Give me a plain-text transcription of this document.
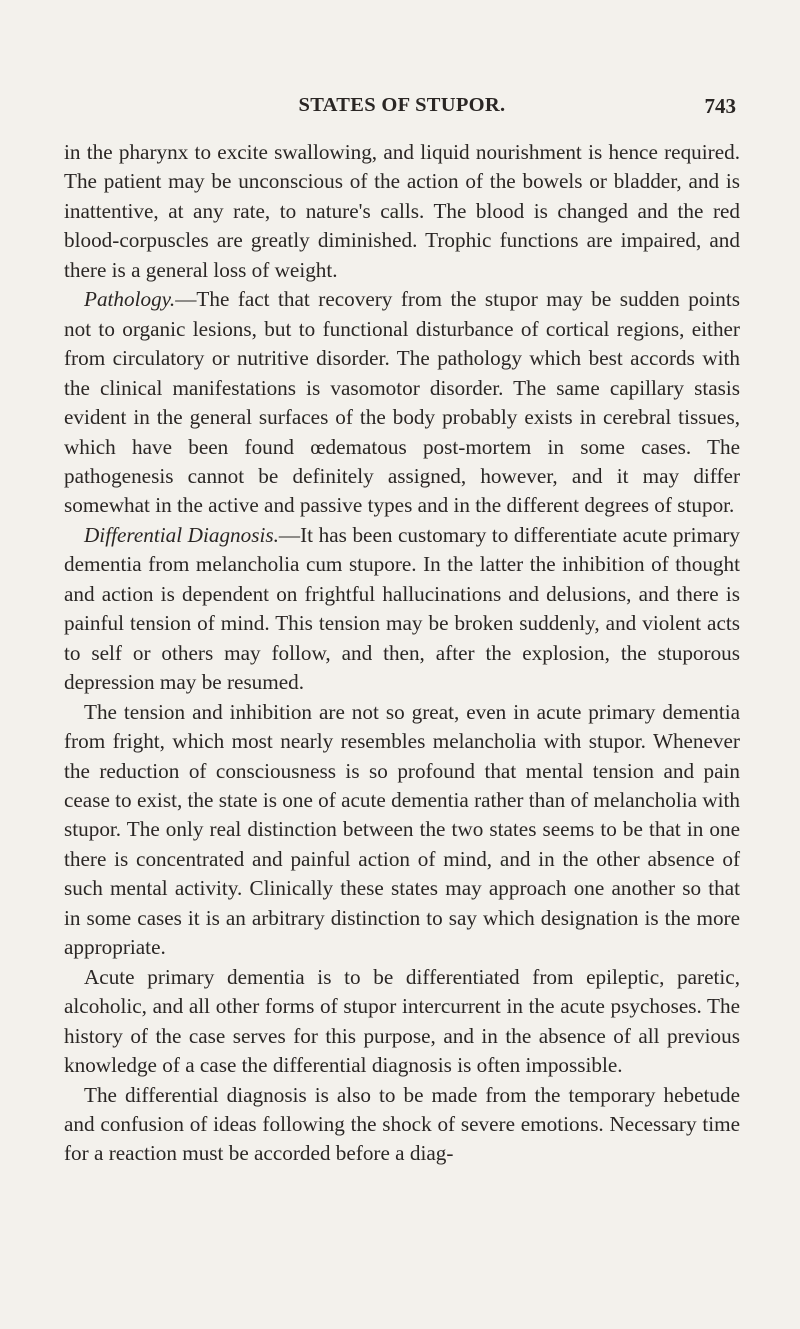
STATES OF STUPOR.	743

in the pharynx to excite swallowing, and liquid nourishment is hence required. The patient may be unconscious of the action of the bowels or bladder, and is inattentive, at any rate, to nature's calls. The blood is changed and the red blood-corpuscles are greatly diminished. Trophic functions are impaired, and there is a general loss of weight.

Pathology.—The fact that recovery from the stupor may be sudden points not to organic lesions, but to functional disturbance of cortical regions, either from circulatory or nutritive disorder. The pathology which best accords with the clinical manifestations is vasomotor disorder. The same capillary stasis evident in the general surfaces of the body probably exists in cerebral tissues, which have been found œdematous post-mortem in some cases. The pathogenesis cannot be definitely assigned, however, and it may differ somewhat in the active and passive types and in the different degrees of stupor.

Differential Diagnosis.—It has been customary to differentiate acute primary dementia from melancholia cum stupore. In the latter the inhibition of thought and action is dependent on frightful hallucinations and delusions, and there is painful tension of mind. This tension may be broken suddenly, and violent acts to self or others may follow, and then, after the explosion, the stuporous depression may be resumed.

The tension and inhibition are not so great, even in acute primary dementia from fright, which most nearly resembles melancholia with stupor. Whenever the reduction of consciousness is so profound that mental tension and pain cease to exist, the state is one of acute dementia rather than of melancholia with stupor. The only real distinction between the two states seems to be that in one there is concentrated and painful action of mind, and in the other absence of such mental activity. Clinically these states may approach one another so that in some cases it is an arbitrary distinction to say which designation is the more appropriate.

Acute primary dementia is to be differentiated from epileptic, paretic, alcoholic, and all other forms of stupor intercurrent in the acute psychoses. The history of the case serves for this purpose, and in the absence of all previous knowledge of a case the differential diagnosis is often impossible.

The differential diagnosis is also to be made from the temporary hebetude and confusion of ideas following the shock of severe emotions. Necessary time for a reaction must be accorded before a diag-
